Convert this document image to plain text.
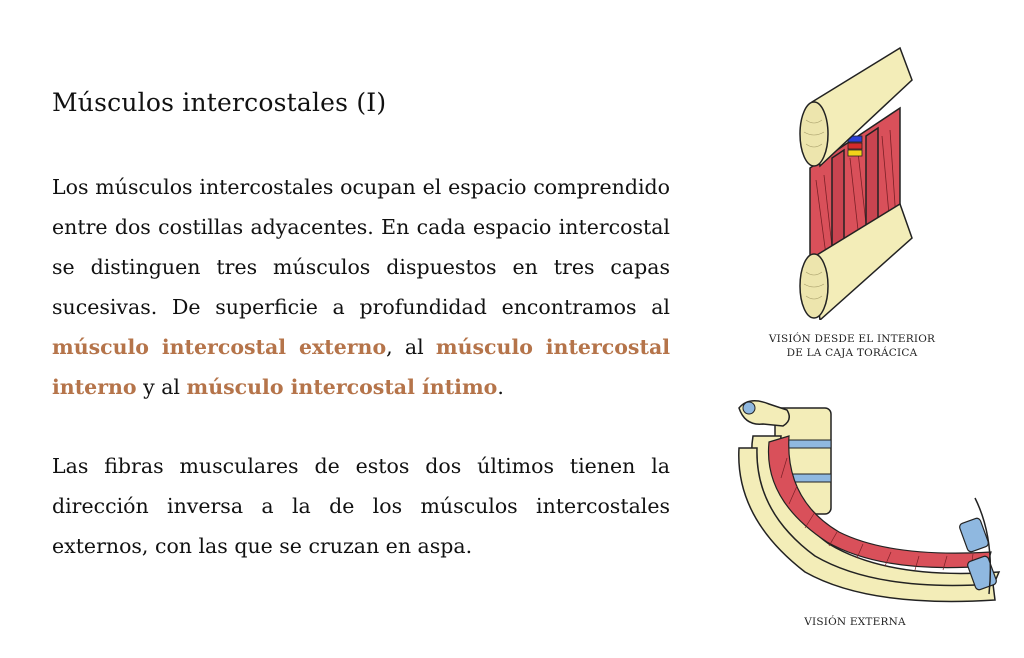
Músculos intercostales (I)

Los músculos intercostales ocupan el espacio comprendido entre dos costillas adyacentes. En cada espacio intercostal se distinguen tres músculos dispuestos en tres capas sucesivas. De superficie a profundidad encontramos al músculo intercostal externo, al músculo intercostal interno y al músculo intercostal íntimo.

Las fibras musculares de estos dos últimos tienen la dirección inversa a la de los músculos intercostales externos, con las que se cruzan en aspa.

VISIÓN DESDE EL INTERIOR
DE LA CAJA TORÁCICA
VISIÓN EXTERNA
